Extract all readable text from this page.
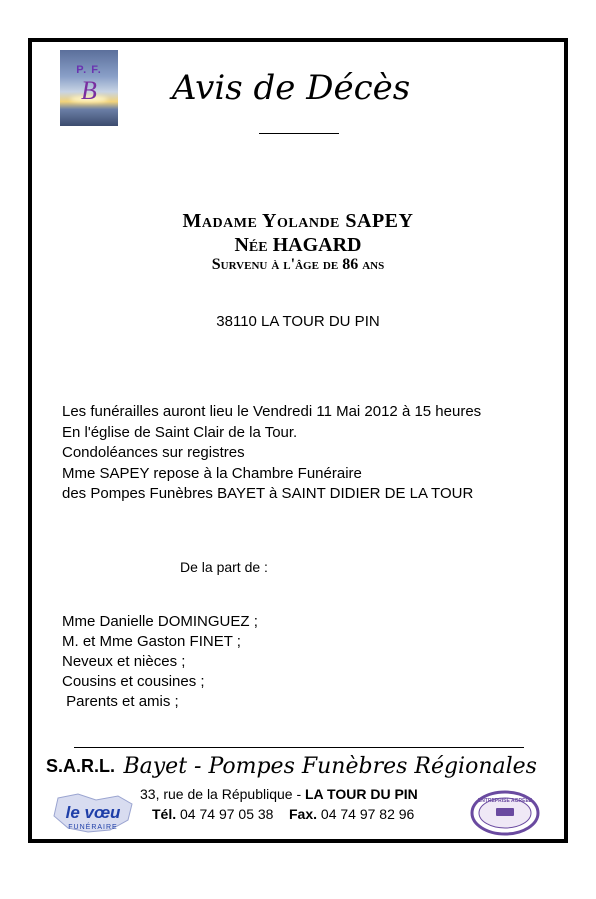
P. F.
B	Avis de Décès
Madame Yolande SAPEY
Née HAGARD
Survenu à l'âge de 86 ans
38110 LA TOUR DU PIN
Les funérailles auront lieu le Vendredi 11 Mai 2012 à 15 heures
En l'église de Saint Clair de la Tour.
Condoléances sur registres
Mme SAPEY repose à la Chambre Funéraire
des Pompes Funèbres BAYET à SAINT DIDIER DE LA TOUR
De la part de :
Mme Danielle DOMINGUEZ ;
M. et Mme Gaston FINET ;
Neveux et nièces ;
Cousins et cousines ;
Parents et amis ;
S.A.R.L. Bayet - Pompes Funèbres Régionales
33, rue de la République - LA TOUR DU PIN
Tél. 04 74 97 05 38 Fax. 04 74 97 82 96
le vœu
FUNÉRAIRE
ENTREPRISE AGRÉÉE
